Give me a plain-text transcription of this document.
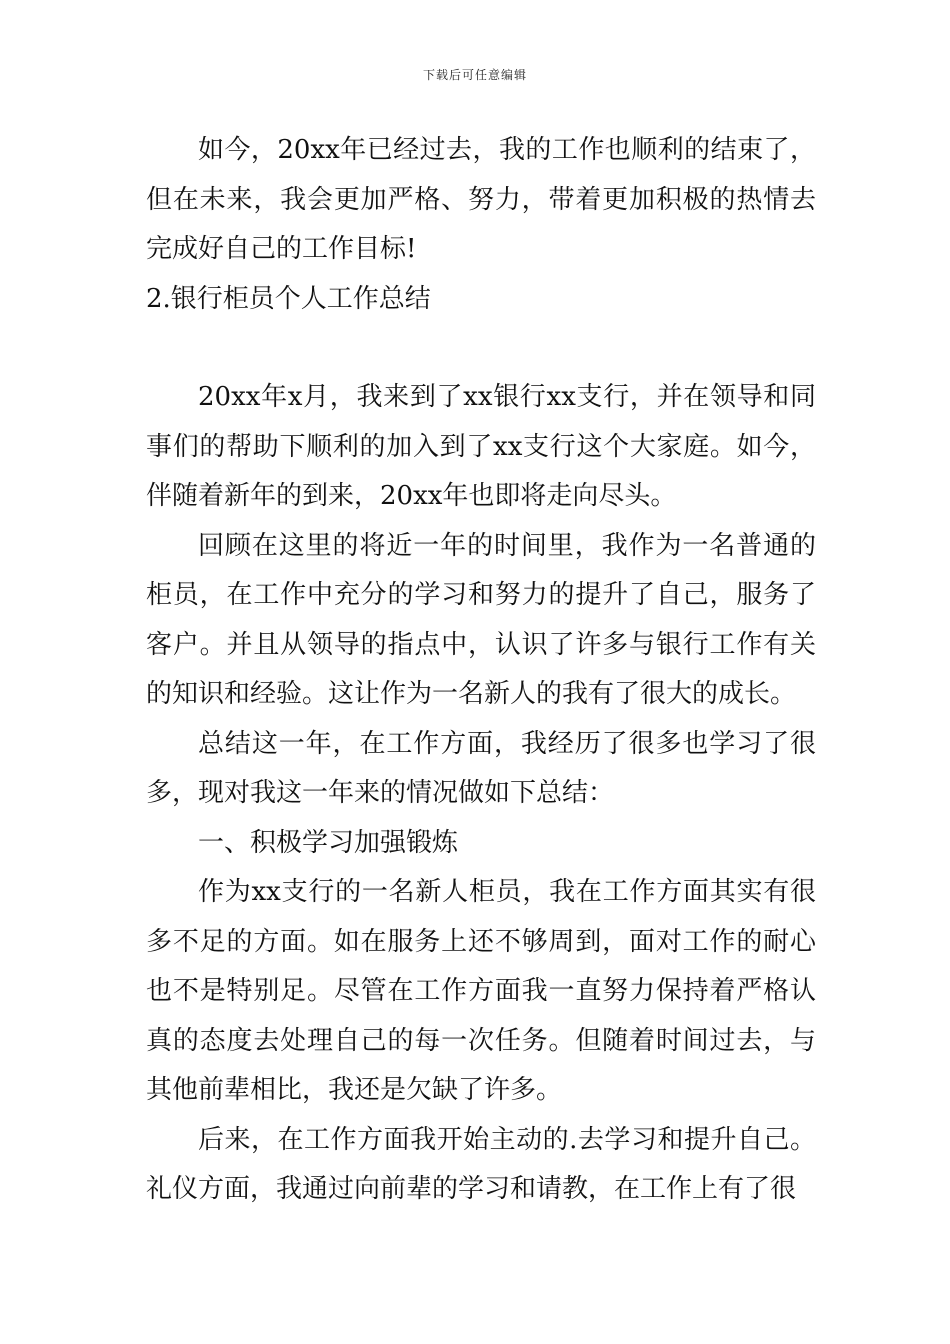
下载后可任意编辑

如今，20xx年已经过去，我的工作也顺利的结束了，但在未来，我会更加严格、努力，带着更加积极的热情去完成好自己的工作目标!

2.银行柜员个人工作总结

20xx年x月，我来到了xx银行xx支行，并在领导和同事们的帮助下顺利的加入到了xx支行这个大家庭。如今，伴随着新年的到来，20xx年也即将走向尽头。

回顾在这里的将近一年的时间里，我作为一名普通的柜员，在工作中充分的学习和努力的提升了自己，服务了客户。并且从领导的指点中，认识了许多与银行工作有关的知识和经验。这让作为一名新人的我有了很大的成长。

总结这一年，在工作方面，我经历了很多也学习了很多，现对我这一年来的情况做如下总结：

一、积极学习加强锻炼

作为xx支行的一名新人柜员，我在工作方面其实有很多不足的方面。如在服务上还不够周到，面对工作的耐心也不是特别足。尽管在工作方面我一直努力保持着严格认真的态度去处理自己的每一次任务。但随着时间过去，与其他前辈相比，我还是欠缺了许多。

后来，在工作方面我开始主动的.去学习和提升自己。礼仪方面，我通过向前辈的学习和请教，在工作上有了很
